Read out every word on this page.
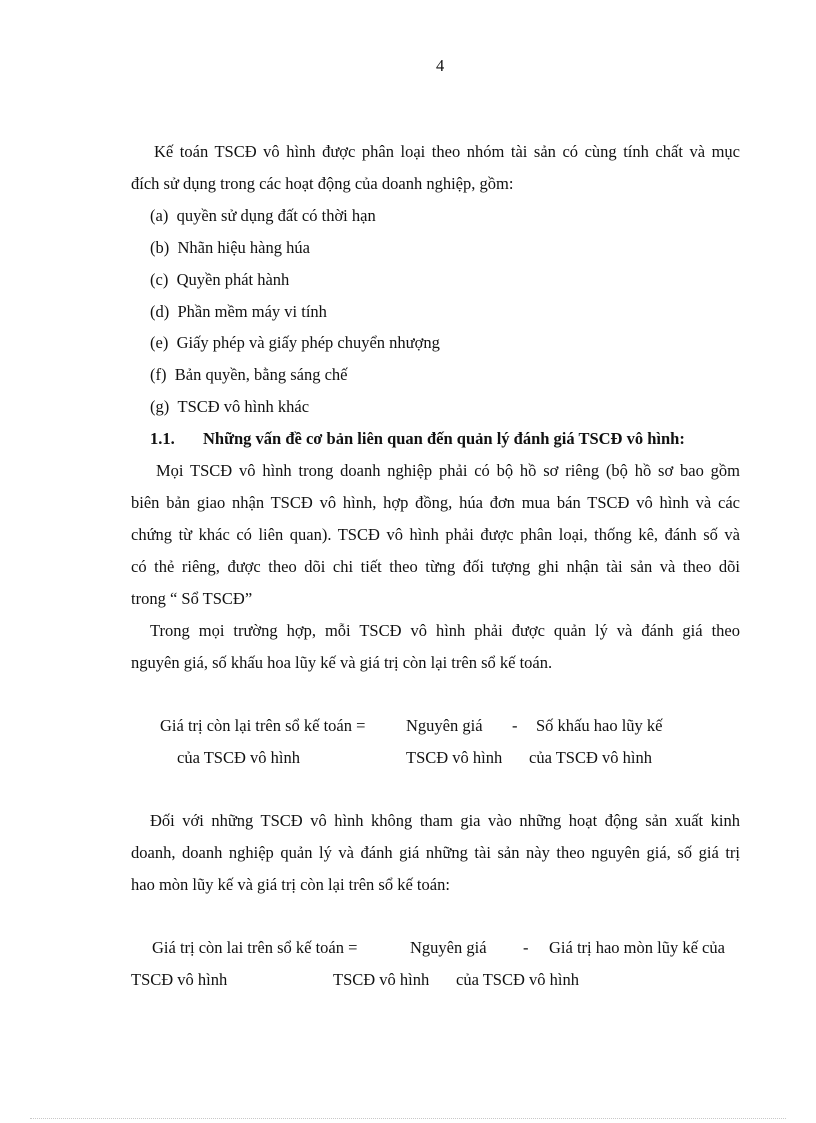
4
Kế toán TSCĐ vô hình được phân loại theo nhóm tài sản có cùng tính chất và mục
đích sử dụng trong các hoạt động của doanh nghiệp, gồm:
(a) quyền sử dụng đất có thời hạn
(b) Nhãn hiệu hàng húa
(c) Quyền phát hành
(d) Phần mềm máy vi tính
(e) Giấy phép và giấy phép chuyển nhượng
(f) Bản quyền, bằng sáng chế
(g) TSCĐ vô hình khác
1.1. Những vấn đề cơ bản liên quan đến quản lý đánh giá TSCĐ vô hình:
Mọi TSCĐ vô hình trong doanh nghiệp phải có bộ hồ sơ riêng (bộ hồ sơ bao gồm
biên bản giao nhận TSCĐ vô hình, hợp đồng, húa đơn mua bán TSCĐ vô hình và các
chứng từ khác có liên quan). TSCĐ vô hình phải được phân loại, thống kê, đánh số và
có thẻ riêng, được theo dõi chi tiết theo từng đối tượng ghi nhận tài sản và theo dõi
trong “ Sổ TSCĐ”
Trong mọi trường hợp, mỗi TSCĐ vô hình phải được quản lý và đánh giá theo
nguyên giá, số khấu hoa lũy kế và giá trị còn lại trên sổ kế toán.
Giá trị còn lại trên sổ kế toán = Nguyên giá - Số khấu hao lũy kế
của TSCĐ vô hình	TSCĐ vô hình của TSCĐ vô hình
Đối với những TSCĐ vô hình không tham gia vào những hoạt động sản xuất kinh
doanh, doanh nghiệp quản lý và đánh giá những tài sản này theo nguyên giá, số giá trị
hao mòn lũy kế và giá trị còn lại trên sổ kế toán:
Giá trị còn lai trên sổ kế toán =	Nguyên giá - Giá trị hao mòn lũy kế của
TSCĐ vô hình	TSCĐ vô hình của TSCĐ vô hình
